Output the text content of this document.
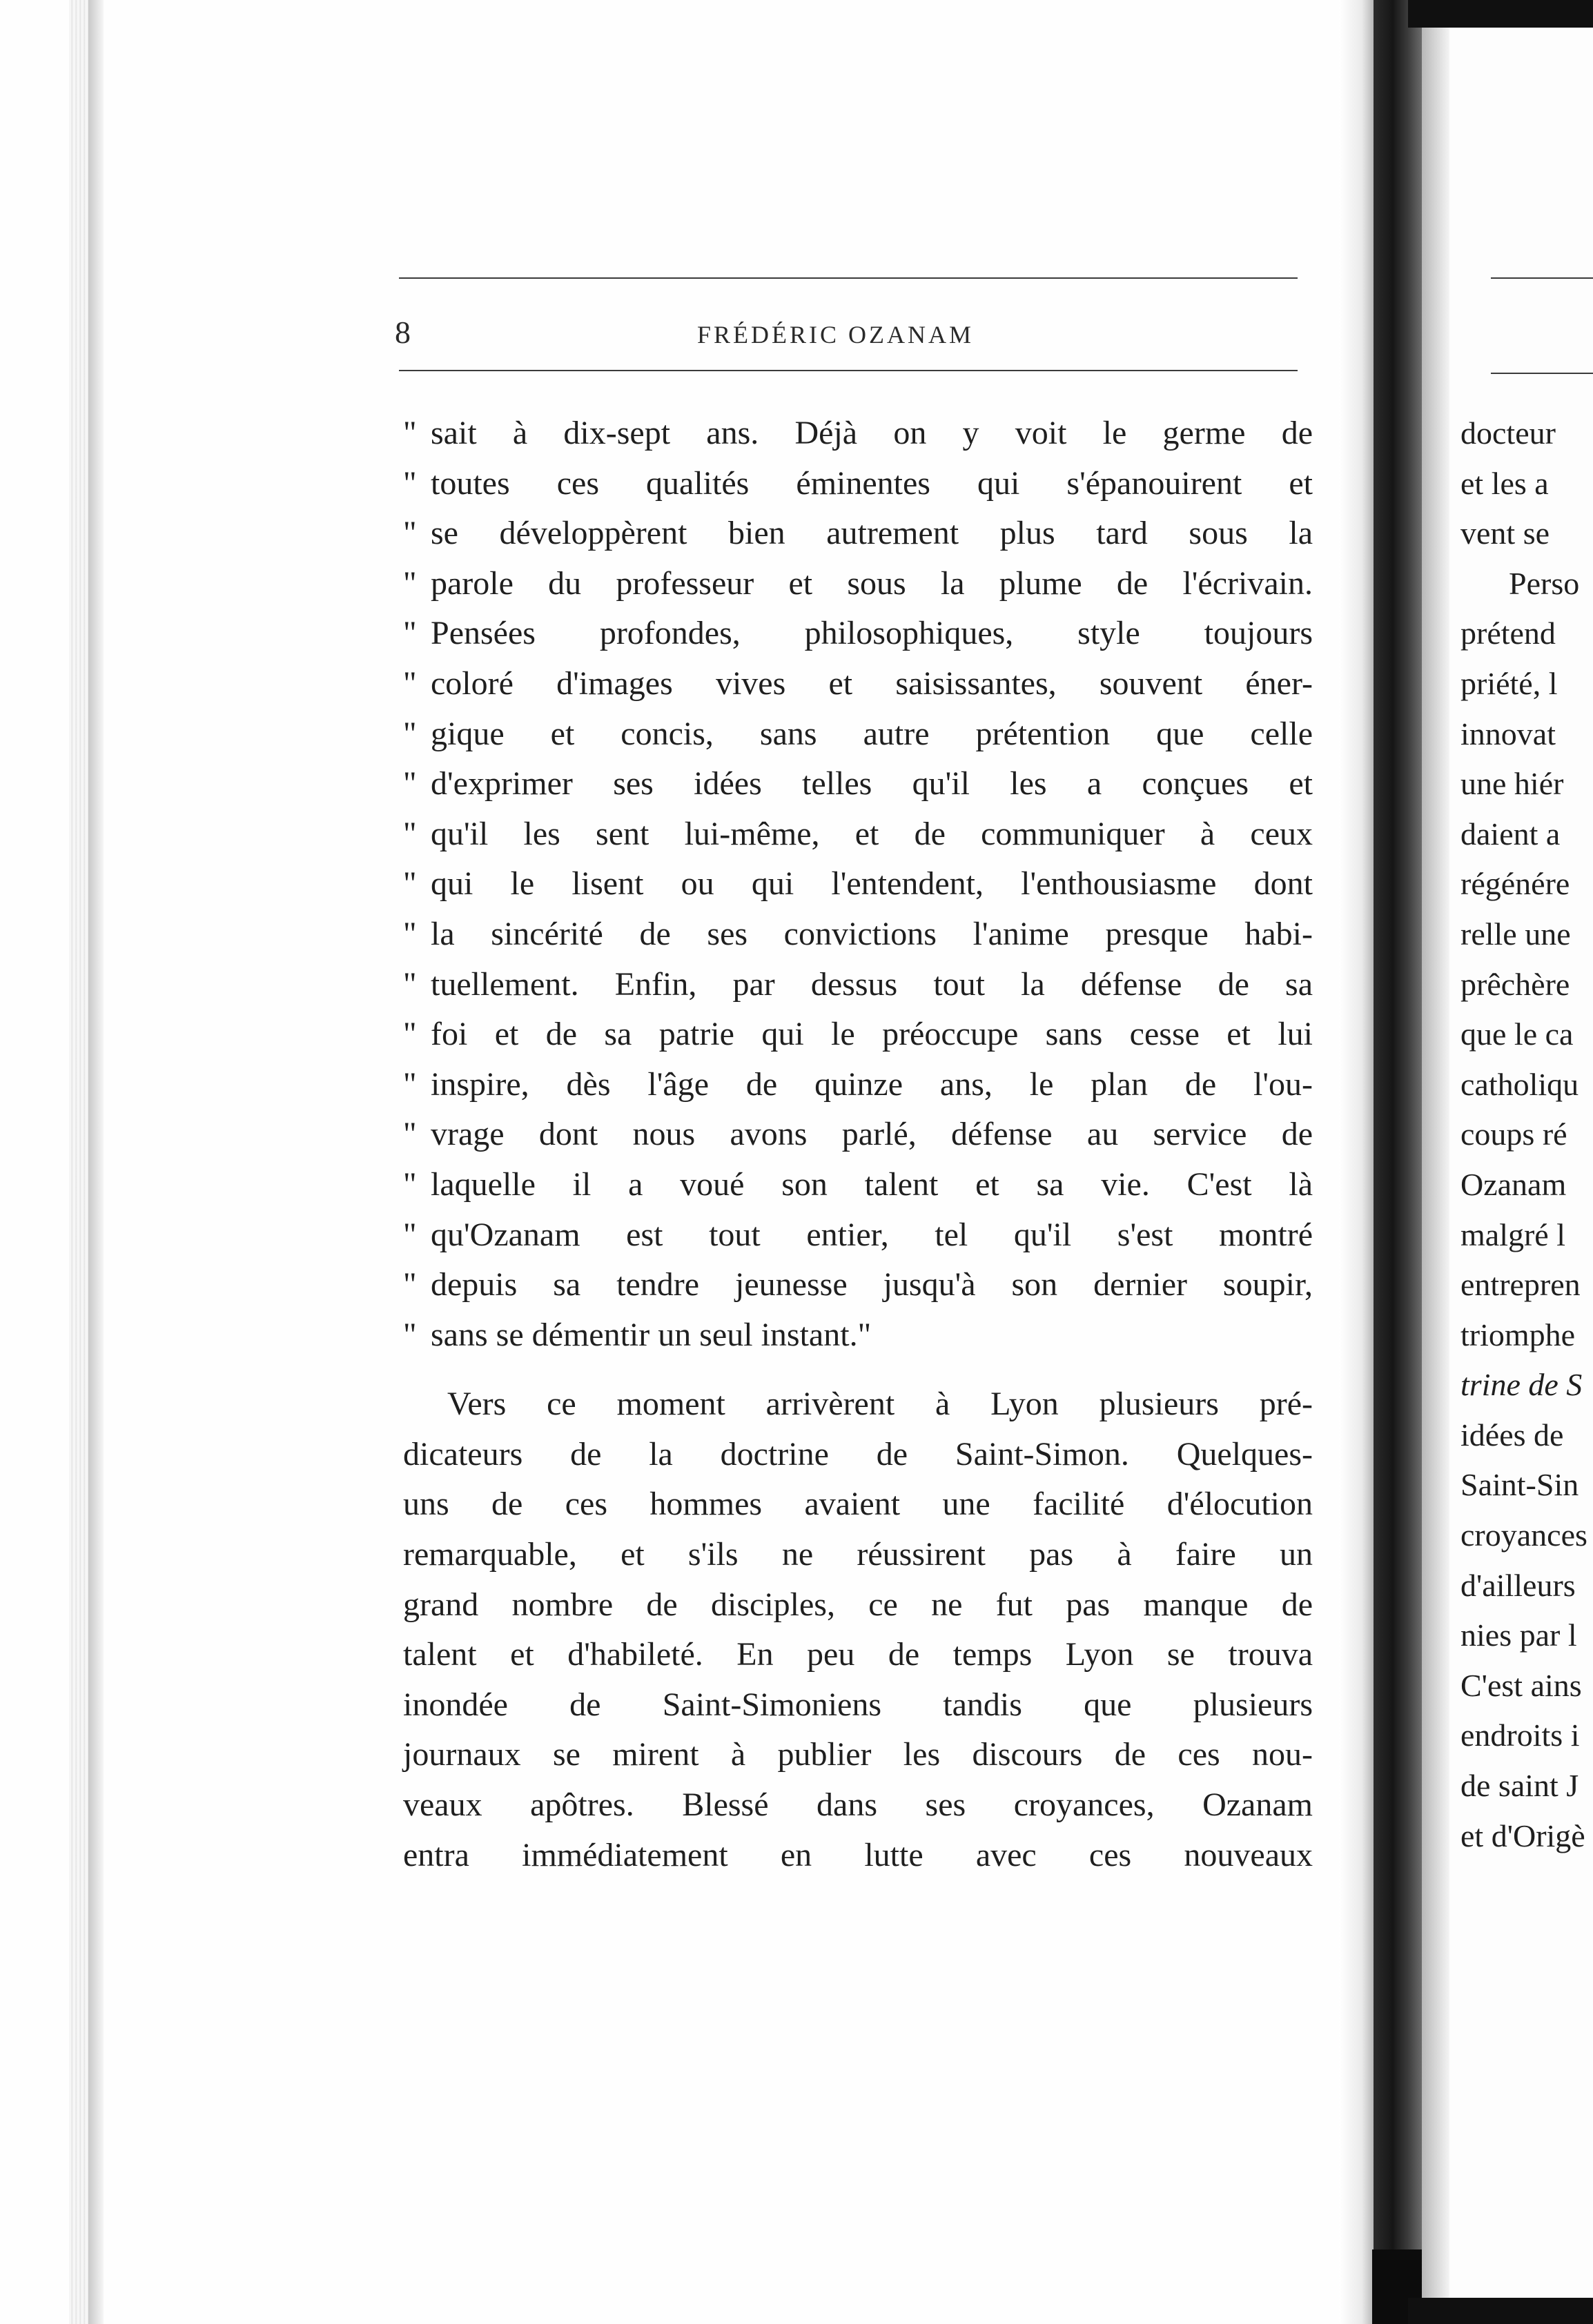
8	FRÉDÉRIC OZANAM
" sait à dix-sept ans. Déjà on y voit le germe de
" toutes ces qualités éminentes qui s'épanouirent et
" se développèrent bien autrement plus tard sous la
" parole du professeur et sous la plume de l'écrivain.
" Pensées profondes, philosophiques, style toujours
" coloré d'images vives et saisissantes, souvent éner-
" gique et concis, sans autre prétention que celle
" d'exprimer ses idées telles qu'il les a conçues et
" qu'il les sent lui-même, et de communiquer à ceux
" qui le lisent ou qui l'entendent, l'enthousiasme dont
" la sincérité de ses convictions l'anime presque habi-
" tuellement. Enfin, par dessus tout la défense de sa
" foi et de sa patrie qui le préoccupe sans cesse et lui
" inspire, dès l'âge de quinze ans, le plan de l'ou-
" vrage dont nous avons parlé, défense au service de
" laquelle il a voué son talent et sa vie. C'est là
" qu'Ozanam est tout entier, tel qu'il s'est montré
" depuis sa tendre jeunesse jusqu'à son dernier soupir,
" sans se démentir un seul instant."
Vers ce moment arrivèrent à Lyon plusieurs pré-
dicateurs de la doctrine de Saint-Simon. Quelques-
uns de ces hommes avaient une facilité d'élocution
remarquable, et s'ils ne réussirent pas à faire un
grand nombre de disciples, ce ne fut pas manque de
talent et d'habileté. En peu de temps Lyon se trouva
inondée de Saint-Simoniens tandis que plusieurs
journaux se mirent à publier les discours de ces nou-
veaux apôtres. Blessé dans ses croyances, Ozanam
entra immédiatement en lutte avec ces nouveaux
docteur
et les a
vent se
Perso
prétend
priété, l
innovat
une hiér
daient a
régénére
relle une
prêchère
que le ca
catholiqu
coups ré
Ozanam
malgré l
entrepren
triomphe
trine de S
idées de
Saint-Sin
croyances
d'ailleurs
nies par l
C'est ains
endroits i
de saint J
et d'Origè
